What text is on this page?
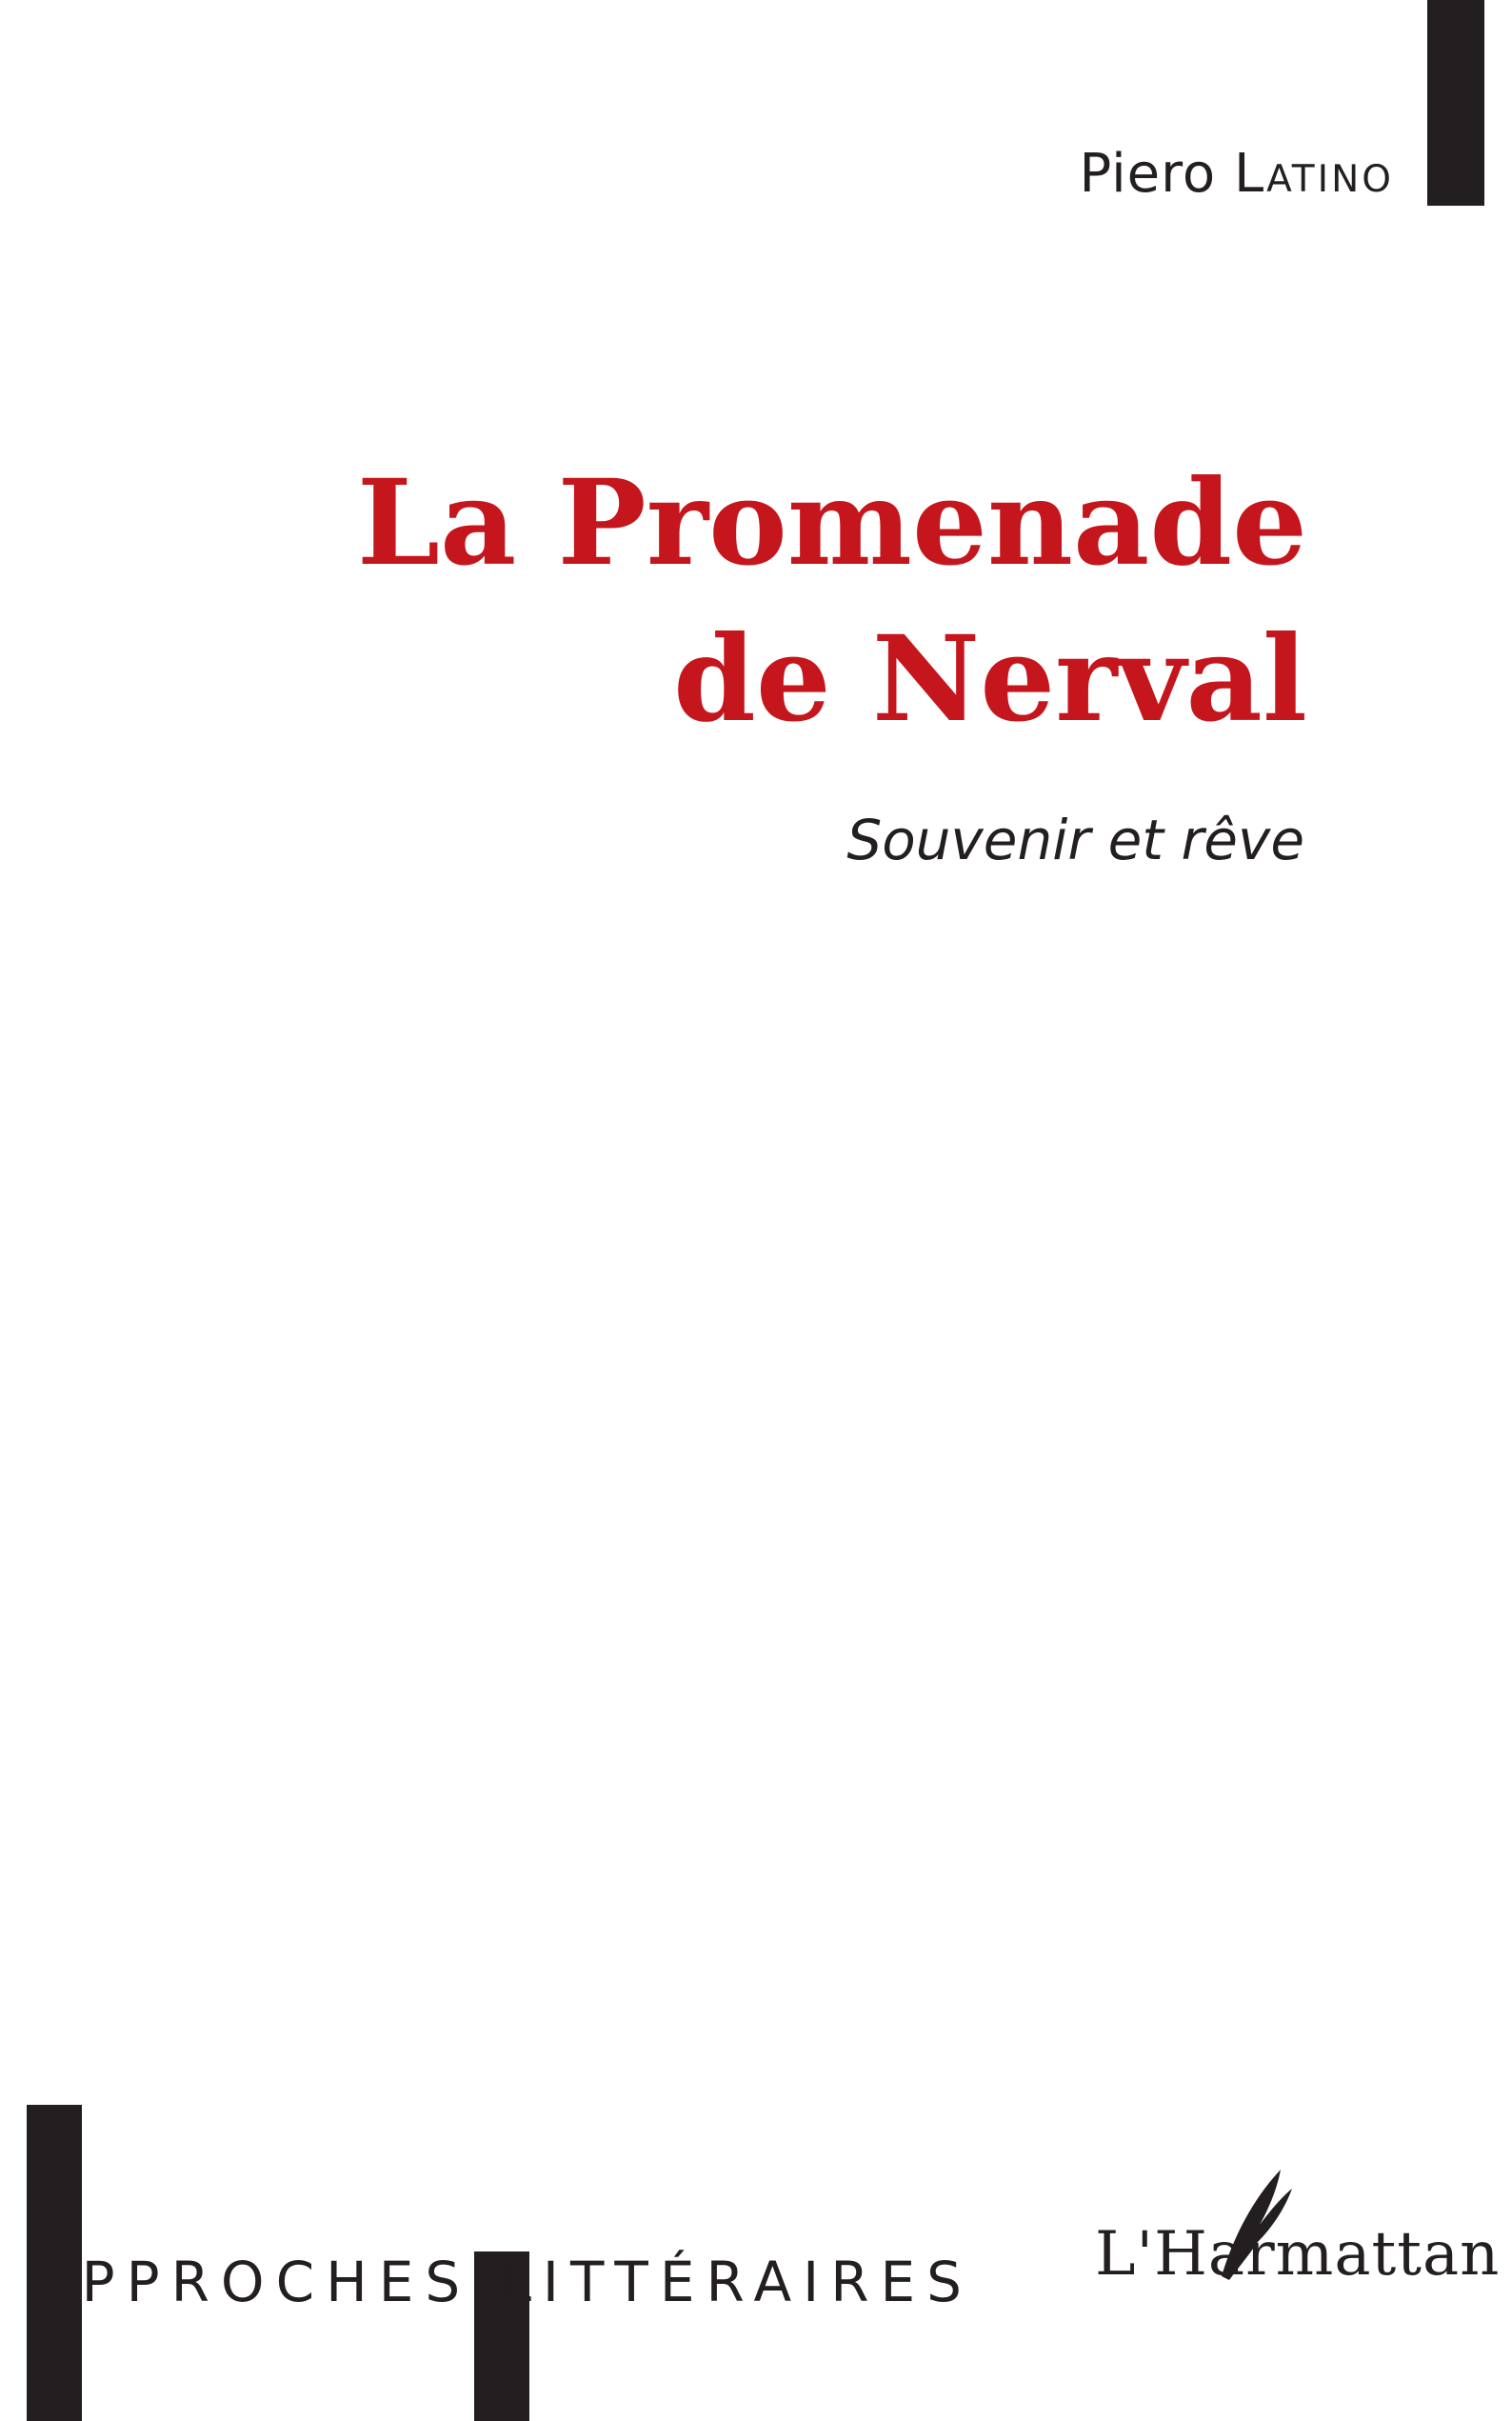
Piero Latino
La Promenade
de Nerval
Souvenir et rêve
APPROCHES LITTÉRAIRES L'Harmattan
